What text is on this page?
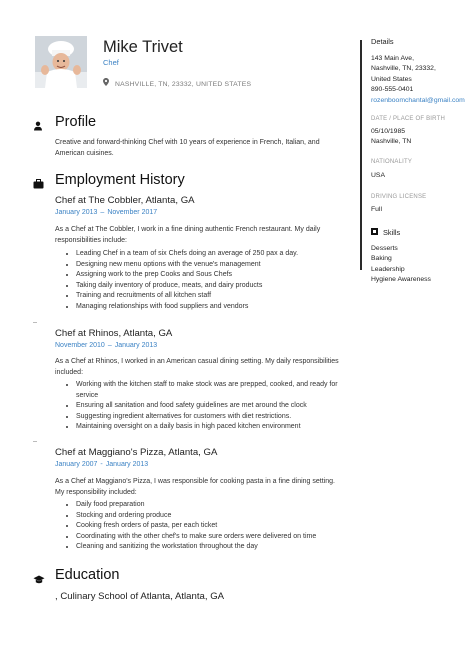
Mike Trivet
Chef
NASHVILLE, TN, 23332, UNITED STATES
Profile
Creative and forward-thinking Chef with 10 years of experience in French, Italian, and American cuisines.
Employment History
Chef at The Cobbler, Atlanta, GA
January 2013 – November 2017
As a Chef at The Cobbler, I work in a fine dining authentic French restaurant. My daily responsibilities include:
• Leading Chef in a team of six Chefs doing an average of 250 pax a day.
• Designing new menu options with the venue's management
• Assigning work to the prep Cooks and Sous Chefs
• Taking daily inventory of produce, meats, and dairy products
• Training and recruitments of all kitchen staff
• Managing relationships with food suppliers and vendors
Chef at Rhinos, Atlanta, GA
November 2010 – January 2013
As a Chef at Rhinos, I worked in an American casual dining setting. My daily responsibilities included:
• Working with the kitchen staff to make stock was are prepped, cooked, and ready for service
• Ensuring all sanitation and food safety guidelines are met around the clock
• Suggesting ingredient alternatives for customers with diet restrictions.
• Maintaining oversight on a daily basis in high paced kitchen environment
Chef at Maggiano's Pizza, Atlanta, GA
January 2007 - January 2013
As a Chef at Maggiano's Pizza, I was responsible for cooking pasta in a fine dining setting. My responsibility included:
• Daily food preparation
• Stocking and ordering produce
• Cooking fresh orders of pasta, per each ticket
• Coordinating with the other chef's to make sure orders were delivered on time
• Cleaning and sanitizing the workstation throughout the day
Education
, Culinary School of Atlanta, Atlanta, GA
Details
143 Main Ave,
Nashville, TN, 23332,
United States
890-555-0401
rozenboomchantal@gmail.com
DATE / PLACE OF BIRTH
05/10/1985
Nashville, TN
NATIONALITY
USA
DRIVING LICENSE
Full
Skills
Desserts
Baking
Leadership
Hygiene Awareness
